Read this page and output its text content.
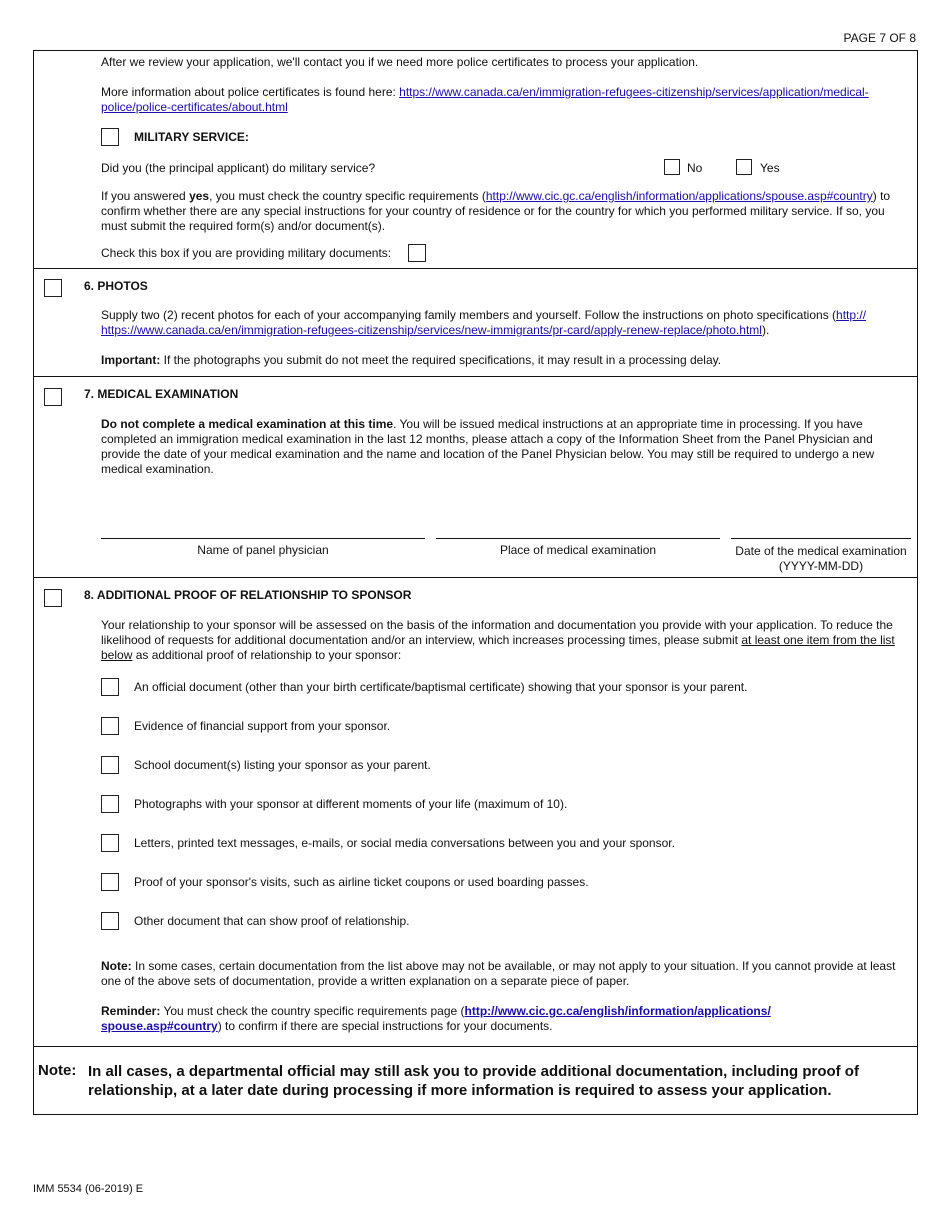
PAGE 7 OF 8

After we review your application, we'll contact you if we need more police certificates to process your application.

More information about police certificates is found here: https://www.canada.ca/en/immigration-refugees-citizenship/services/application/medical-police/police-certificates/about.html

MILITARY SERVICE:
Did you (the principal applicant) do military service?	No	Yes

If you answered yes, you must check the country specific requirements (http://www.cic.gc.ca/english/information/applications/spouse.asp#country) to confirm whether there are any special instructions for your country of residence or for the country for which you performed military service. If so, you must submit the required form(s) and/or document(s).

Check this box if you are providing military documents:
6. PHOTOS

Supply two (2) recent photos for each of your accompanying family members and yourself. Follow the instructions on photo specifications (http://
https://www.canada.ca/en/immigration-refugees-citizenship/services/new-immigrants/pr-card/apply-renew-replace/photo.html).

Important: If the photographs you submit do not meet the required specifications, it may result in a processing delay.

7. MEDICAL EXAMINATION

Do not complete a medical examination at this time. You will be issued medical instructions at an appropriate time in processing. If you have completed an immigration medical examination in the last 12 months, please attach a copy of the Information Sheet from the Panel Physician and provide the date of your medical examination and the name and location of the Panel Physician below. You may still be required to undergo a new medical examination.

Name of panel physician	Place of medical examination	Date of the medical examination
(YYYY-MM-DD)
8. ADDITIONAL PROOF OF RELATIONSHIP TO SPONSOR

Your relationship to your sponsor will be assessed on the basis of the information and documentation you provide with your application. To reduce the likelihood of requests for additional documentation and/or an interview, which increases processing times, please submit at least one item from the list below as additional proof of relationship to your sponsor:

An official document (other than your birth certificate/baptismal certificate) showing that your sponsor is your parent.
Evidence of financial support from your sponsor.
School document(s) listing your sponsor as your parent.
Photographs with your sponsor at different moments of your life (maximum of 10).
Letters, printed text messages, e-mails, or social media conversations between you and your sponsor.
Proof of your sponsor's visits, such as airline ticket coupons or used boarding passes.
Other document that can show proof of relationship.

Note: In some cases, certain documentation from the list above may not be available, or may not apply to your situation. If you cannot provide at least one of the above sets of documentation, provide a written explanation on a separate piece of paper.

Reminder: You must check the country specific requirements page (http://www.cic.gc.ca/english/information/applications/
spouse.asp#country) to confirm if there are special instructions for your documents.

Note: In all cases, a departmental official may still ask you to provide additional documentation, including proof of relationship, at a later date during processing if more information is required to assess your application.
IMM 5534 (06-2019) E
